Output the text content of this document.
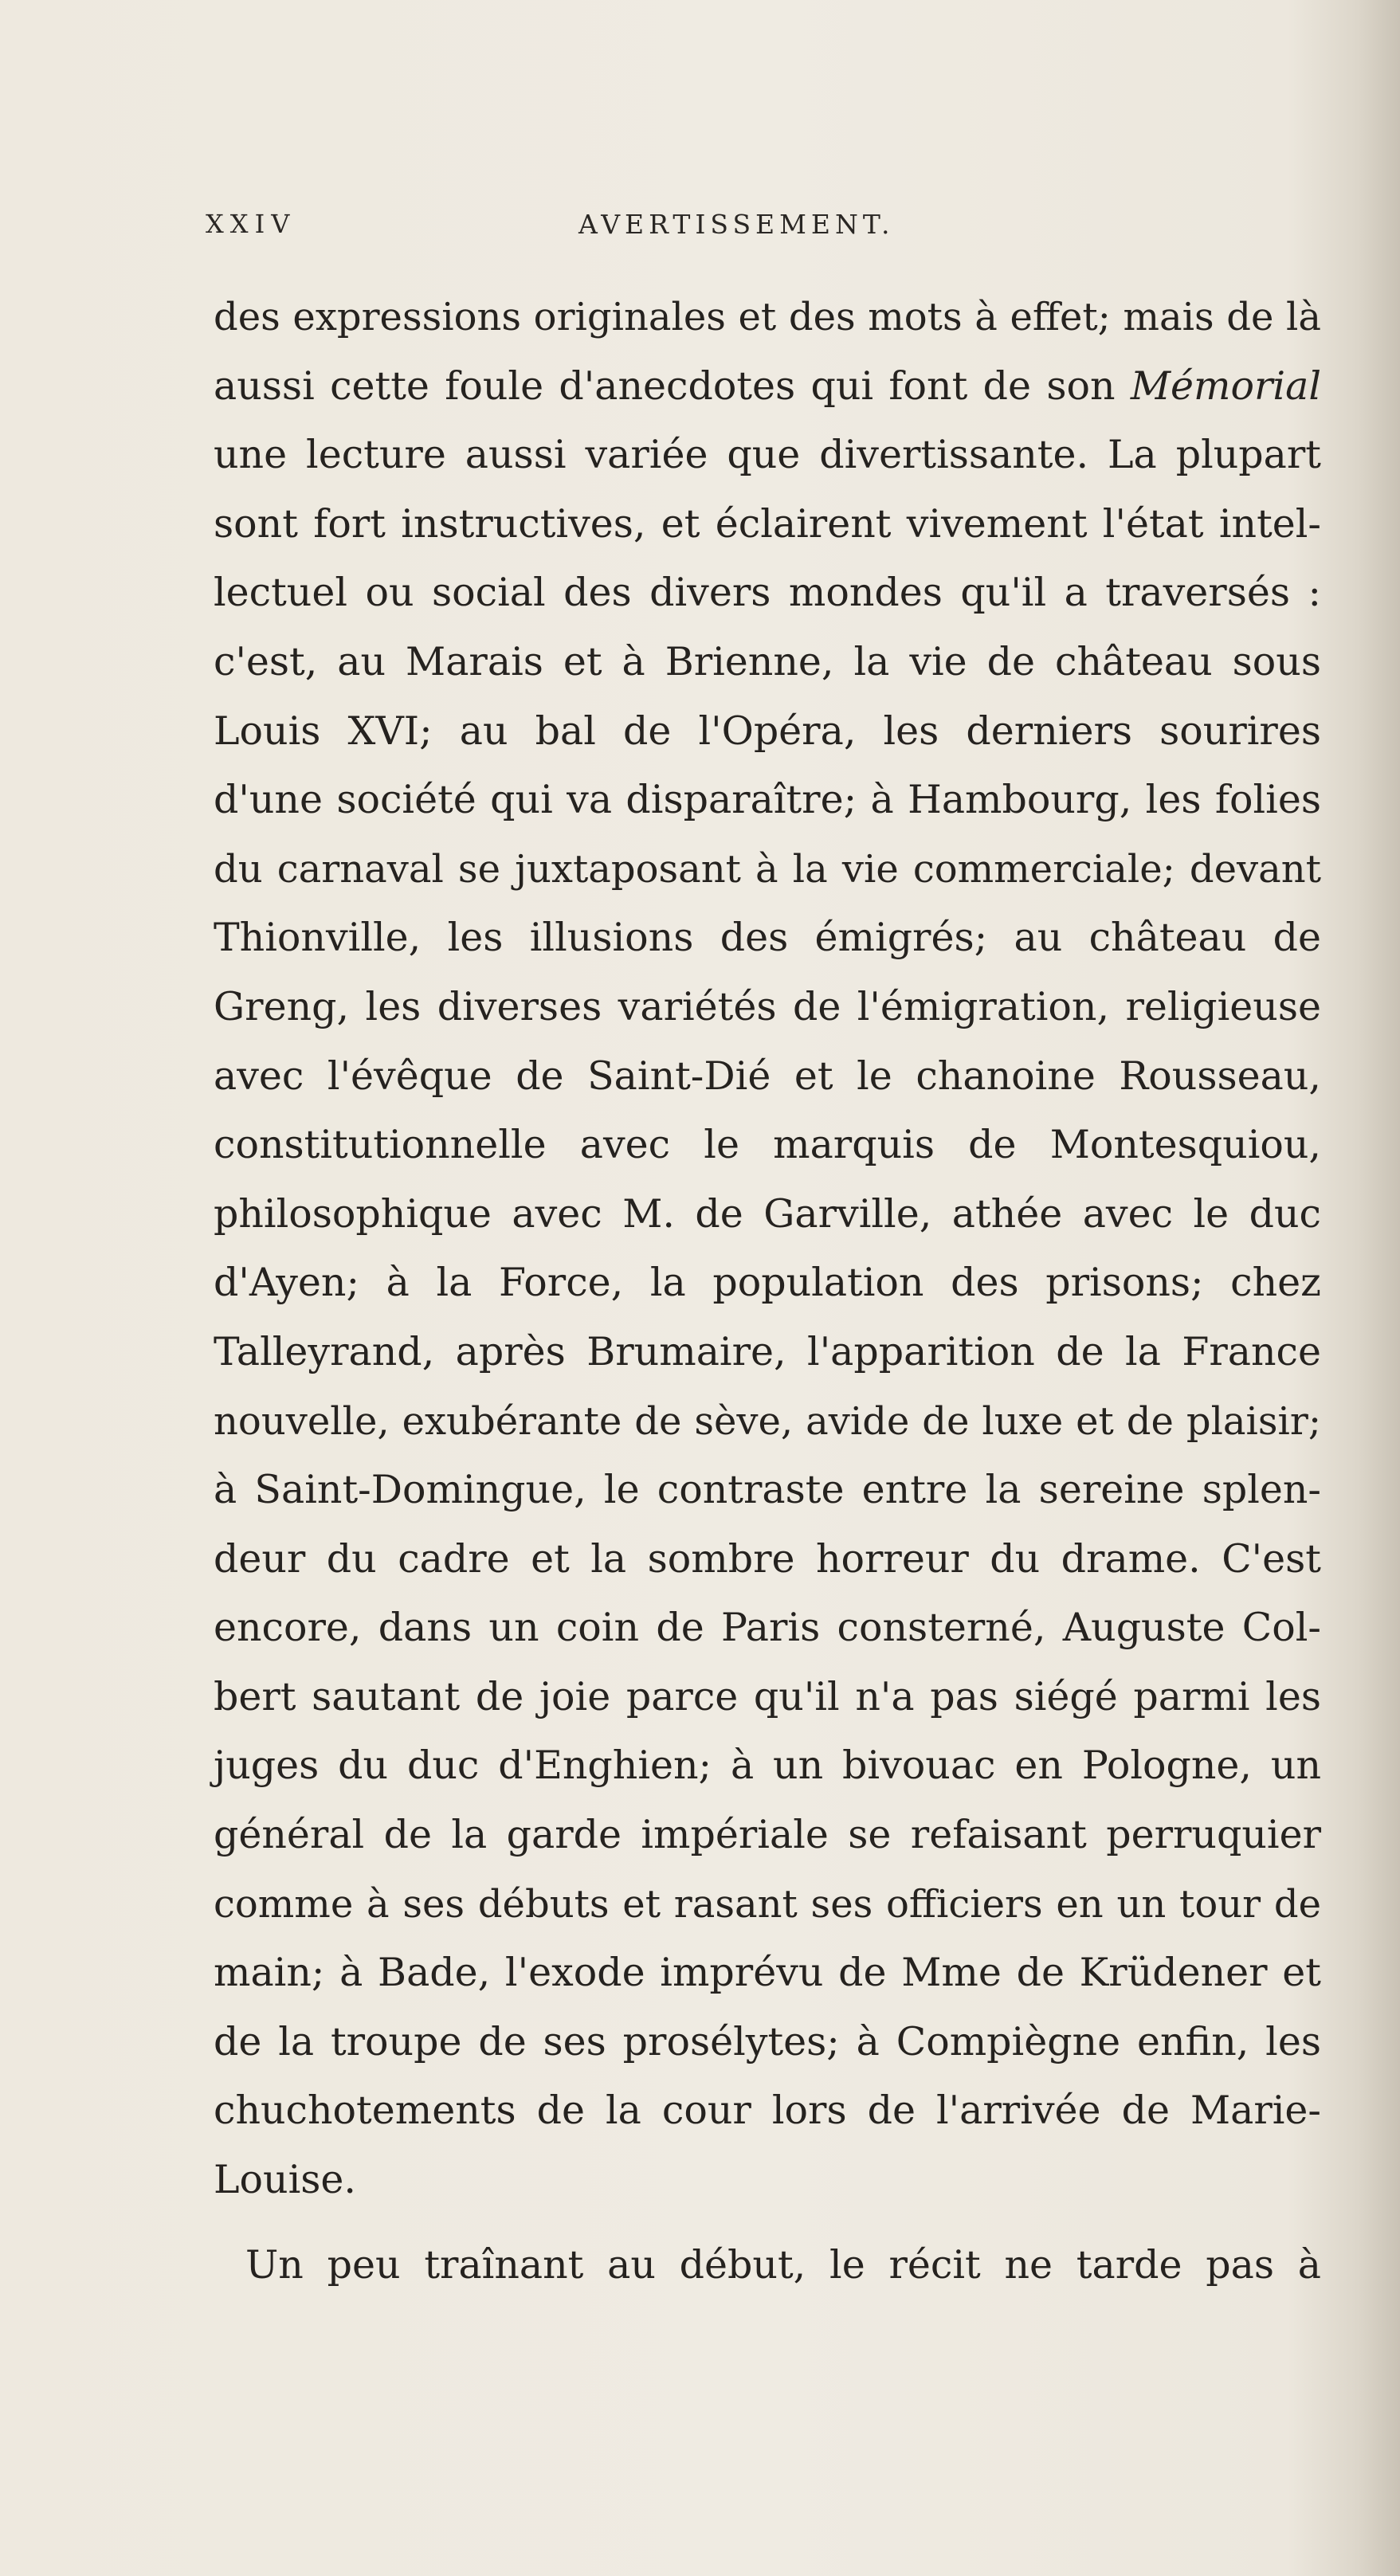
XXIV	AVERTISSEMENT.
des expressions originales et des mots à effet; mais de là
aussi cette foule d'anecdotes qui font de son Mémorial
une lecture aussi variée que divertissante. La plupart
sont fort instructives, et éclairent vivement l'état intel-
lectuel ou social des divers mondes qu'il a traversés :
c'est, au Marais et à Brienne, la vie de château sous
Louis XVI; au bal de l'Opéra, les derniers sourires
d'une société qui va disparaître; à Hambourg, les folies
du carnaval se juxtaposant à la vie commerciale; devant
Thionville, les illusions des émigrés; au château de
Greng, les diverses variétés de l'émigration, religieuse
avec l'évêque de Saint-Dié et le chanoine Rousseau,
constitutionnelle avec le marquis de Montesquiou,
philosophique avec M. de Garville, athée avec le duc
d'Ayen; à la Force, la population des prisons; chez
Talleyrand, après Brumaire, l'apparition de la France
nouvelle, exubérante de sève, avide de luxe et de plaisir;
à Saint-Domingue, le contraste entre la sereine splen-
deur du cadre et la sombre horreur du drame. C'est
encore, dans un coin de Paris consterné, Auguste Col-
bert sautant de joie parce qu'il n'a pas siégé parmi les
juges du duc d'Enghien; à un bivouac en Pologne, un
général de la garde impériale se refaisant perruquier
comme à ses débuts et rasant ses officiers en un tour de
main; à Bade, l'exode imprévu de Mme de Krüdener et
de la troupe de ses prosélytes; à Compiègne enfin, les
chuchotements de la cour lors de l'arrivée de Marie-
Louise.
Un peu traînant au début, le récit ne tarde pas à
